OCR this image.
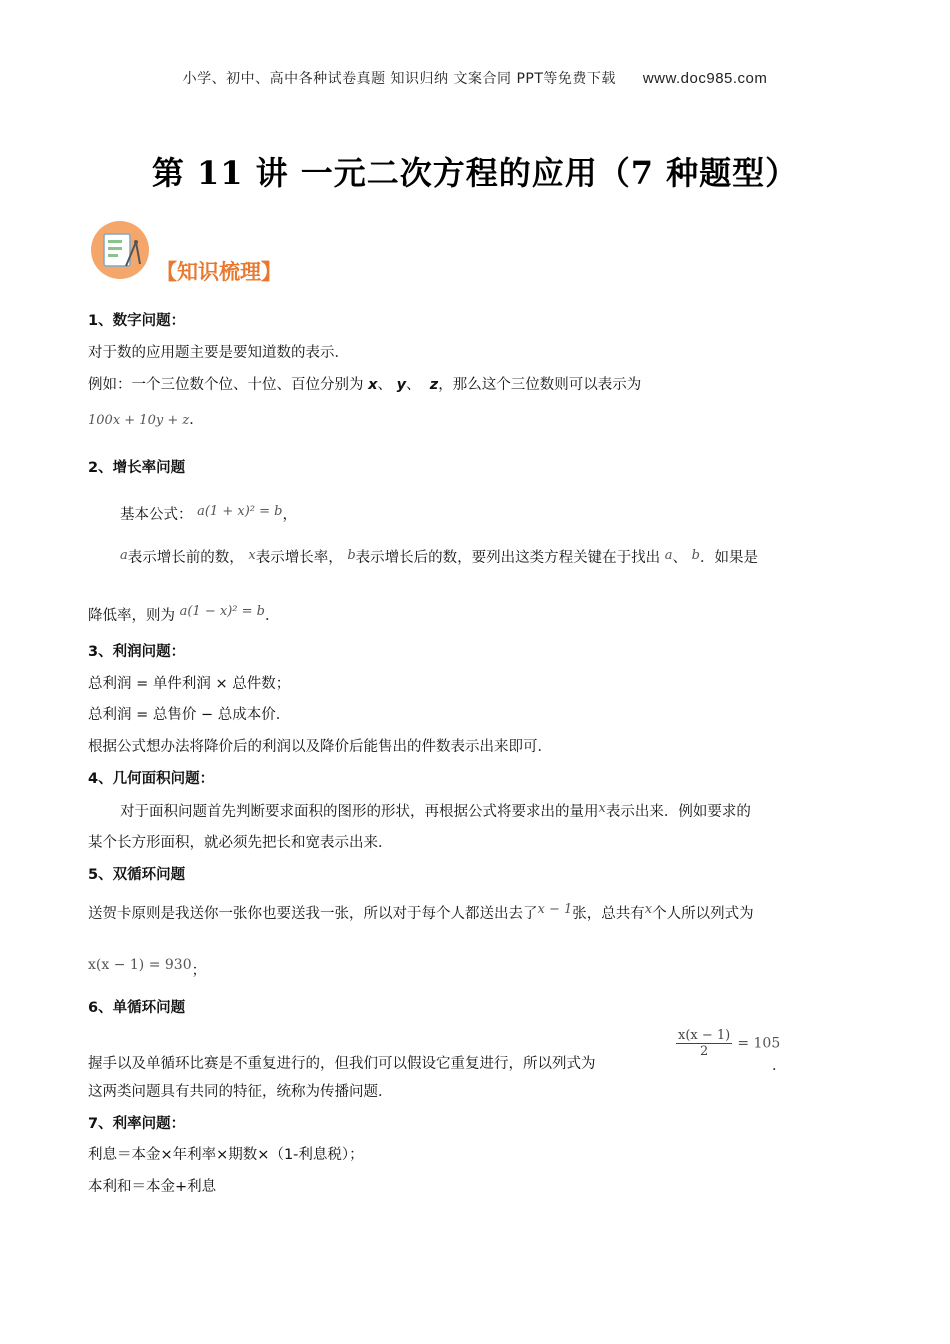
小学、初中、高中各种试卷真题 知识归纳 文案合同 PPT等免费下载 www.doc985.com
第 11 讲 一元二次方程的应用（7 种题型）
【知识梳理】
1、数字问题：
对于数的应用题主要是要知道数的表示．
例如：一个三位数个位、十位、百位分别为 x、 y、 z，那么这个三位数则可以表示为
100x + 10y + z．
2、增长率问题
基本公式： a(1 + x)² = b，
a表示增长前的数， x表示增长率， b表示增长后的数，要列出这类方程关键在于找出 a、 b．如果是
降低率，则为 a(1 − x)² = b．
3、利润问题：
总利润 = 单件利润 × 总件数；
总利润 = 总售价 − 总成本价．
根据公式想办法将降价后的利润以及降价后能售出的件数表示出来即可．
4、几何面积问题：
对于面积问题首先判断要求面积的图形的形状，再根据公式将要求出的量用x表示出来．例如要求的
某个长方形面积，就必须先把长和宽表示出来．
5、双循环问题
送贺卡原则是我送你一张你也要送我一张，所以对于每个人都送出去了x − 1张，总共有x个人所以列式为
x(x − 1) = 930；
6、单循环问题
握手以及单循环比赛是不重复进行的，但我们可以假设它重复进行，所以列式为
$\frac{x(x - 1)}{2} = 105$
．
这两类问题具有共同的特征，统称为传播问题．
7、利率问题：
利息＝本金×年利率×期数×（1-利息税）；
本利和＝本金+利息
